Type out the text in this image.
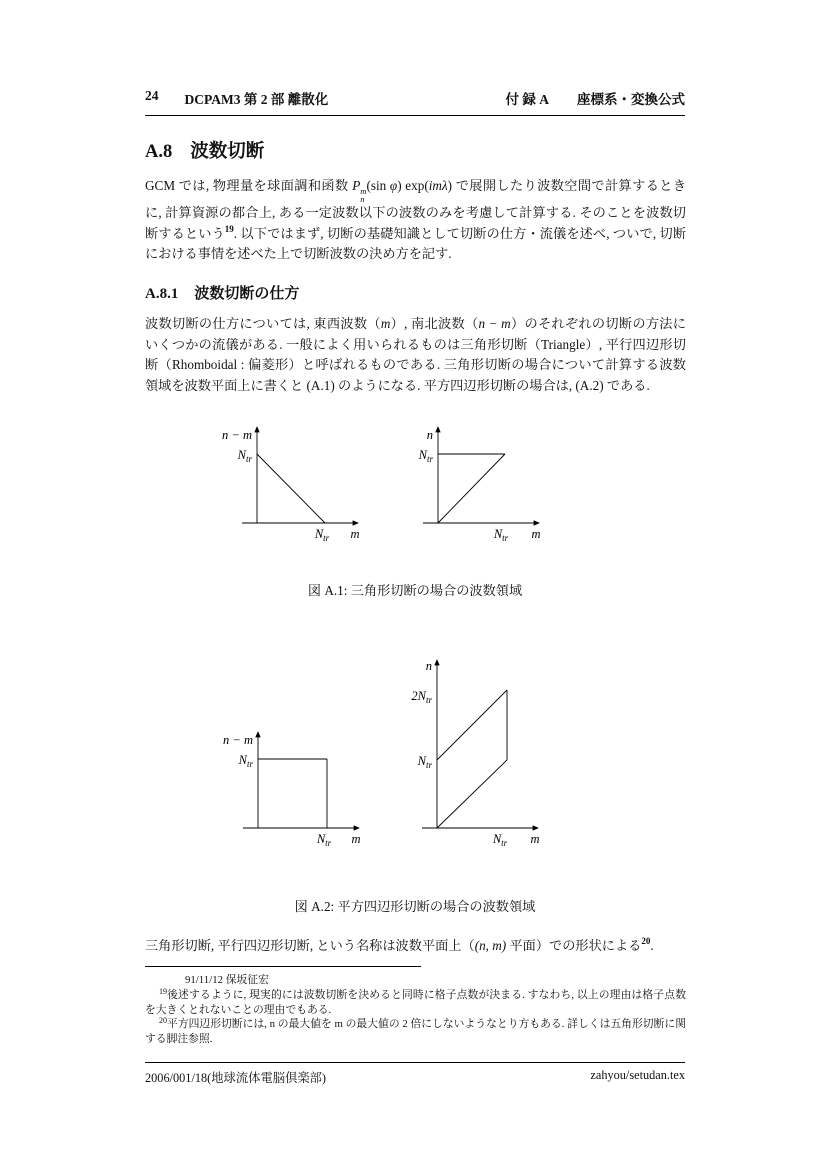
24 DCPAM3 第 2 部 離散化	付 録 A 座標系・変換公式
A.8 波数切断
GCM では, 物理量を球面調和函数 P m
n
(sin φ) exp(imλ) で展開したり波数空間で計算するときに, 計算資源の都合上, ある一定波数以下の波数のみを考慮して計算する. そのことを波数切断するという$^{19}$. 以下ではまず, 切断の基礎知識として切断の仕方・流儀を述べ, ついで, 切断における事情を述べた上で切断波数の決め方を記す.
A.8.1 波数切断の仕方
波数切断の仕方については, 東西波数（m）, 南北波数（n − m）のそれぞれの切断の方法にいくつかの流儀がある. 一般によく用いられるものは三角形切断（Triangle）, 平行四辺形切断（Rhomboidal : 偏菱形）と呼ばれるものである. 三角形切断の場合について計算する波数領域を波数平面上に書くと (A.1) のようになる. 平方四辺形切断の場合は, (A.2) である.
n − m
$N_{tr}$
$N_{tr}$ m
n
$N_{tr}$
$N_{tr}$ m
図 A.1: 三角形切断の場合の波数領域
n − m
$N_{tr}$
$N_{tr}$ m
n
$2N_{tr}$
$N_{tr}$
$N_{tr}$ m
図 A.2: 平方四辺形切断の場合の波数領域
三角形切断, 平行四辺形切断, という名称は波数平面上（(n, m) 平面）での形状による$^{20}$.
91/11/12 保坂征宏
$^{19}$後述するように, 現実的には波数切断を決めると同時に格子点数が決まる. すなわち, 以上の理由は格子点数を大きくとれないことの理由でもある.
$^{20}$平方四辺形切断には, n の最大値を m の最大値の 2 倍にしないようなとり方もある. 詳しくは五角形切断に関する脚注参照.
2006/001/18(地球流体電脳倶楽部)	zahyou/setudan.tex
